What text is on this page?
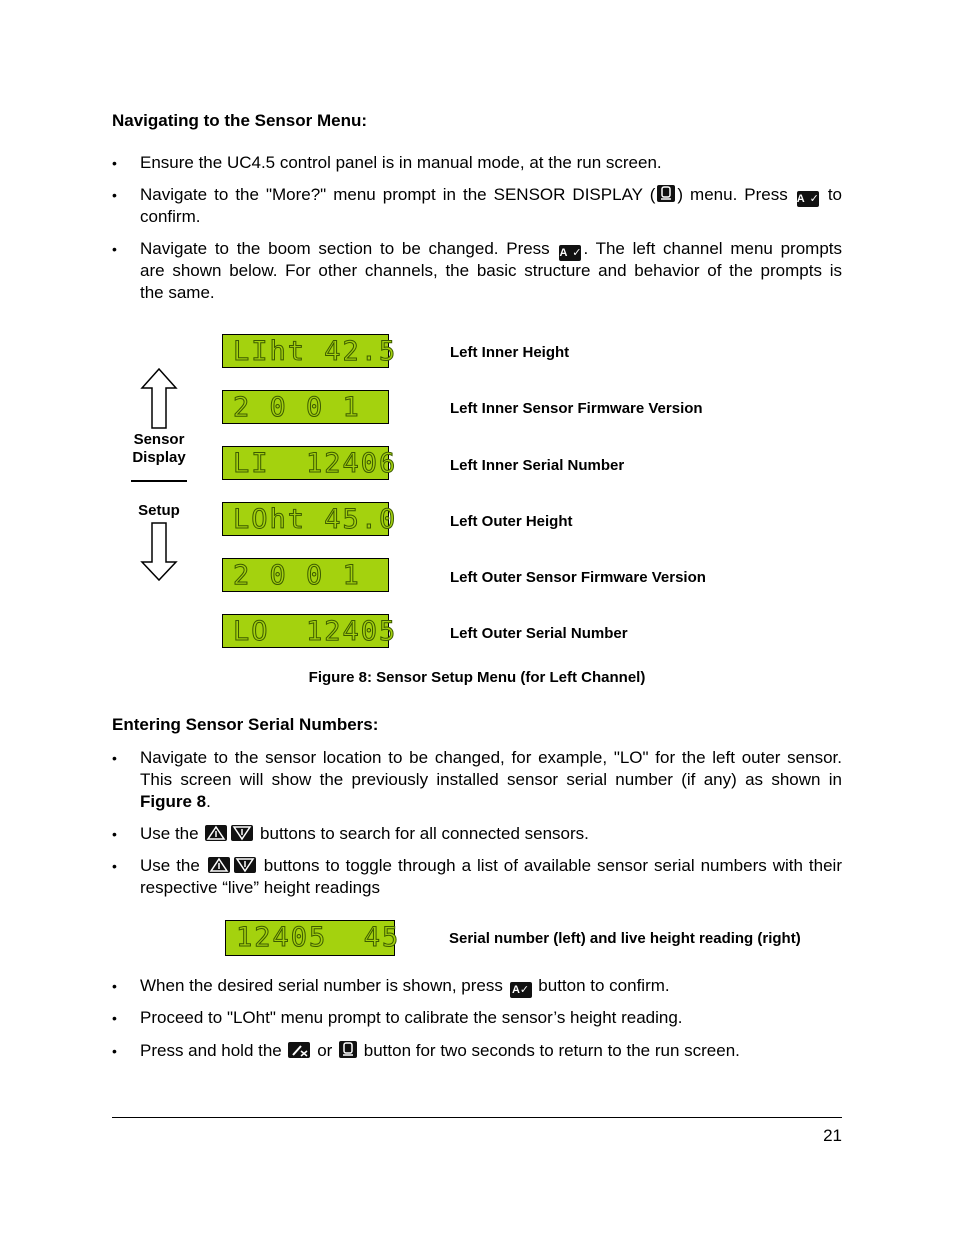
Navigating to the Sensor Menu:
• Ensure the UC4.5 control panel is in manual mode, at the run screen.
• Navigate to the "More?" menu prompt in the SENSOR DISPLAY ( ) menu. Press A✓ to
confirm.
• Navigate to the boom section to be changed. Press A✓ . The left channel menu prompts
are shown below. For other channels, the basic structure and behavior of the prompts is
the same.
Sensor
Display
Setup
LIht 42.5	Left Inner Height
2 0 0 1	Left Inner Sensor Firmware Version
LI  12406	Left Inner Serial Number
LOht 45.0	Left Outer Height
2 0 0 1	Left Outer Sensor Firmware Version
LO  12405	Left Outer Serial Number
Figure 8: Sensor Setup Menu (for Left Channel)
Entering Sensor Serial Numbers:
• Navigate to the sensor location to be changed, for example, "LO" for the left outer sensor.
This screen will show the previously installed sensor serial number (if any) as shown in
Figure 8.
• Use the	buttons to search for all connected sensors.
• Use the	buttons to toggle through a list of available sensor serial numbers with their
respective “live” height readings
12405  45	Serial number (left) and live height reading (right)
• When the desired serial number is shown, press A✓ button to confirm.
• Proceed to "LOht" menu prompt to calibrate the sensor’s height reading.
• Press and hold the
or
button for two seconds to return to the run screen.
21
